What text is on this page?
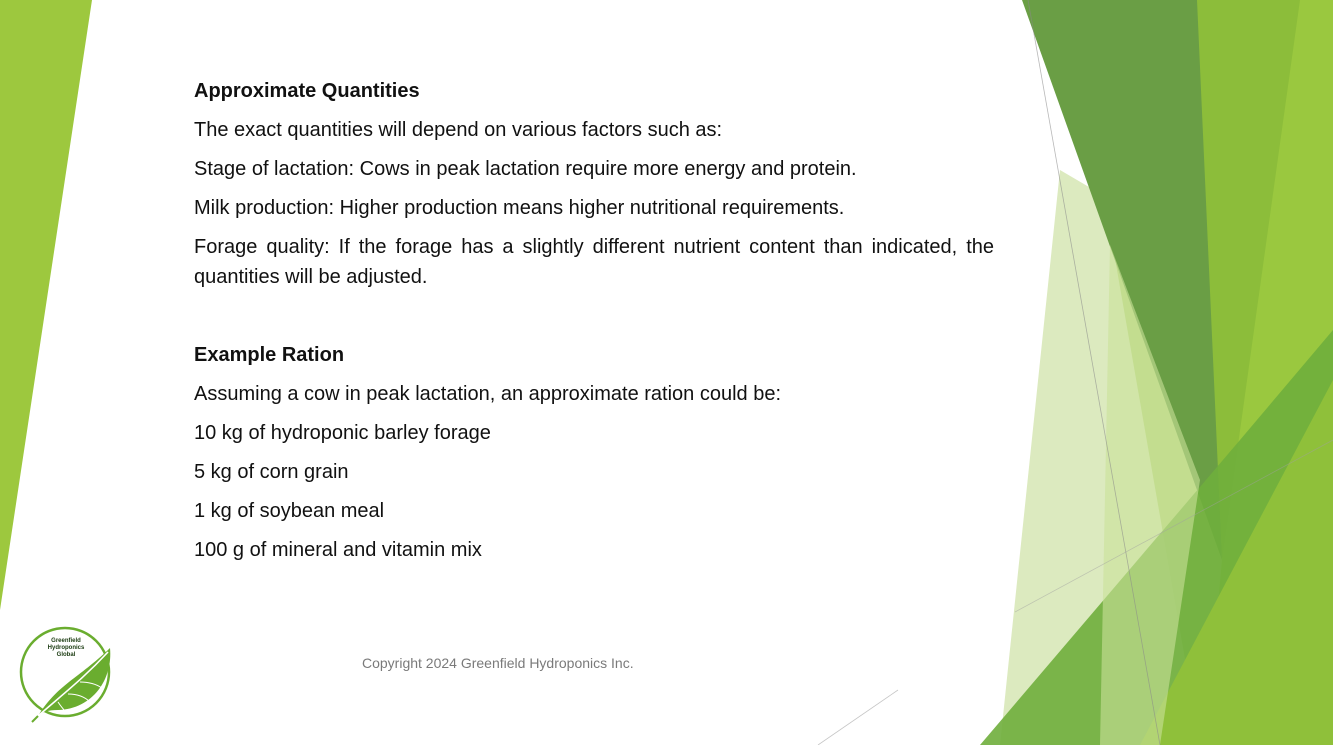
Approximate Quantities
The exact quantities will depend on various factors such as:
Stage of lactation: Cows in peak lactation require more energy and protein.
Milk production: Higher production means higher nutritional requirements.
Forage quality: If the forage has a slightly different nutrient content than indicated, the quantities will be adjusted.
Example Ration
Assuming a cow in peak lactation, an approximate ration could be:
10 kg of hydroponic barley forage
5 kg of corn grain
1 kg of soybean meal
100 g of mineral and vitamin mix
Copyright 2024 Greenfield Hydroponics Inc.
Greenfield
Hydroponics
Global
